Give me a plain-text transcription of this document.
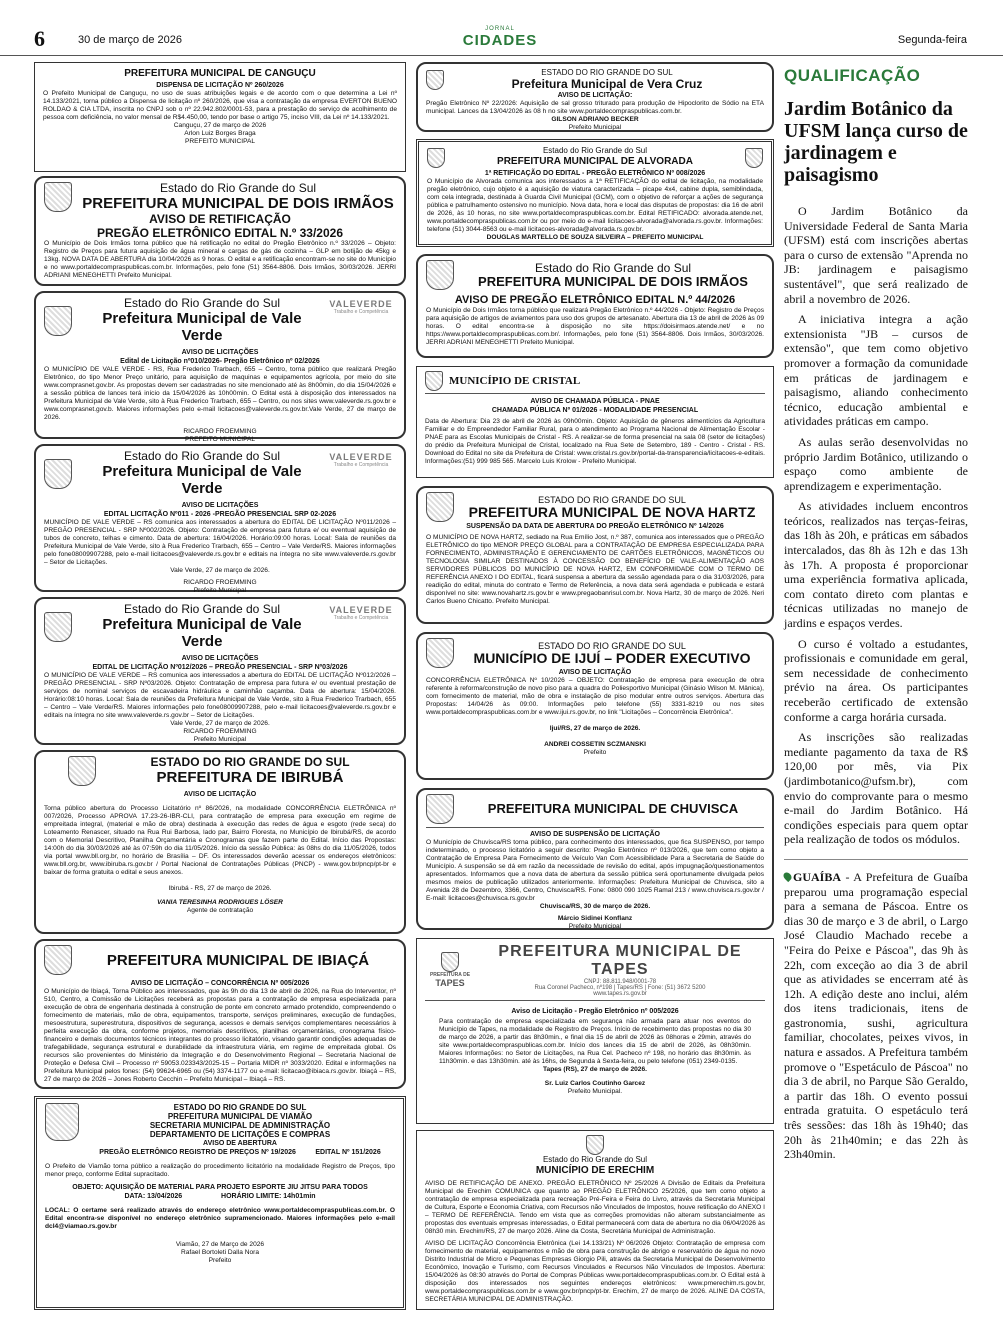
6	30 de março de 2026
JORNAL
CIDADES	Segunda-feira
PREFEITURA MUNICIPAL DE CANGUÇU
DISPENSA DE LICITAÇÃO Nº 260/2026
O Prefeito Municipal de Canguçu, no uso de suas atribuições legais e de acordo com o que determina a Lei nº 14.133/2021, torna público a Dispensa de licitação nº 260/2026, que visa a contratação da empresa EVERTON BUENO ROLDAO & CIA LTDA, inscrita no CNPJ sob o nº 22.942.802/0001-53, para a prestação do serviço de acolhimento de pessoa com deficiência, no valor mensal de R$4.450,00, tendo por base o artigo 75, inciso VIII, da Lei nº 14.133/2021.
Canguçu, 27 de março de 2026
Arlon Luiz Borges Braga
PREFEITO MUNICIPAL
Estado do Rio Grande do Sul
PREFEITURA MUNICIPAL DE DOIS IRMÃOS
AVISO DE RETIFICAÇÃO
PREGÃO ELETRÔNICO EDITAL N.º 33/2026
O Município de Dois Irmãos torna público que há retificação no edital do Pregão Eletrônico n.º 33/2026 – Objeto: Registro de Preços para futura aquisição de água mineral e cargas de gás de cozinha – GLP em botijão de 45kg e 13kg. NOVA DATA DE ABERTURA dia 10/04/2026 as 9 horas. O edital e a retificação encontram-se no site do Município e no www.portaldecompraspublicas.com.br. Informações, pelo fone (51) 3564-8806. Dois Irmãos, 30/03/2026. JERRI ADRIANI MENEGHETTI Prefeito Municipal.
VALEVERDE
Trabalho e Competência
Estado do Rio Grande do Sul
Prefeitura Municipal de Vale Verde
AVISO DE LICITAÇÕES
Edital de Licitação nº010/2026- Pregão Eletrônico nº 02/2026
O MUNICÍPIO DE VALE VERDE - RS, Rua Frederico Trarbach, 655 – Centro, torna público que realizará Pregão Eletrônico, do tipo Menor Preço unitário, para aquisição de maquinas e equipamentos agrícola, por meio do site www.comprasnet.gov.br. As propostas devem ser cadastradas no site mencionado até às 8h00min, do dia 15/04/2026 e a sessão pública de lances terá início da 15/04/2026 às 10h00min. O Edital está à disposição dos interessados na Prefeitura Municipal de Vale Verde, sito à Rua Frederico Trarbach, 655 – Centro, ou nos sites www.valeverde.rs.gov.br e www.comprasnet.gov.b. Maiores informações pelo e-mail licitacoes@valeverde.rs.gov.br.Vale Verde, 27 de março de 2026.
RICARDO FROEMMING
PREFEITO MUNICIPAL
VALEVERDE
Trabalho e Competência
Estado do Rio Grande do Sul
Prefeitura Municipal de Vale Verde
AVISO DE LICITAÇÕES
EDITAL LICITAÇÃO Nº011 - 2026 -PREGÃO PRESENCIAL SRP 02-2026
MUNICÍPIO DE VALE VERDE – RS comunica aos interessados a abertura do EDITAL DE LICITAÇÃO Nº011/2026 – PREGÃO PRESENCIAL - SRP Nº002/2026. Objeto: Contratação de empresa para futura e/ ou eventual aquisição de tubos de concreto, telhas e cimento. Data de abertura: 16/04/2026. Horário:09:00 horas. Local: Sala de reuniões da Prefeitura Municipal de Vale Verde, sito à Rua Frederico Trarbach, 655 – Centro – Vale Verde/RS. Maiores informações pelo fone08009907288, pelo e-mail licitacoes@valeverde.rs.gov.br e editais na íntegra no site www.valeverde.rs.gov.br – Setor de Licitações.
Vale Verde, 27 de março de 2026.
RICARDO FROEMMING
Prefeito Municipal
VALEVERDE
Trabalho e Competência
Estado do Rio Grande do Sul
Prefeitura Municipal de Vale Verde
AVISO DE LICITAÇÕES
EDITAL DE LICITAÇÃO Nº012/2026 – PREGÃO PRESENCIAL - SRP Nº03/2026
O MUNICÍPIO DE VALE VERDE – RS comunica aos interessados a abertura do EDITAL DE LICITAÇÃO Nº012/2026 – PREGÃO PRESENCIAL - SRP Nº03/2026. Objeto: Contratação de empresa para futura e/ ou eventual prestação de serviços de nominal serviços de escavadeira hidráulica e caminhão caçamba. Data de abertura: 15/04/2026. Horário:08:10 horas. Local: Sala de reuniões da Prefeitura Municipal de Vale Verde, sito à Rua Frederico Trarbach, 655 – Centro – Vale Verde/RS. Maiores informações pelo fone08009907288, pelo e-mail licitacoes@valeverde.rs.gov.br e editais na íntegra no site www.valeverde.rs.gov.br – Setor de Licitações.
Vale Verde, 27 de março de 2026.
RICARDO FROEMMING
Prefeito Municipal
ESTADO DO RIO GRANDE DO SUL
PREFEITURA DE IBIRUBÁ
AVISO DE LICITAÇÃO
Torna público abertura do Processo Licitatório nº 86/2026, na modalidade CONCORRÊNCIA ELETRÔNICA nº 007/2026, Processo APROVA 17.23-26-IBR-CLI, para contratação de empresa para execução em regime de empreitada integral, (material e mão de obra) destinada à execução das redes de água e esgoto (rede seca) do Loteamento Renascer, situado na Rua Rui Barbosa, lado par, Bairro Floresta, no Município de Ibirubá/RS, de acordo com o Memorial Descritivo, Planilha Orçamentária e Cronogramas que fazem parte do Edital. Início das Propostas: 14:00h do dia 30/03/2026 até às 07:59h do dia 11/05/2026. Início da sessão Pública: às 08hs do dia 11/05/2026, todos via portal www.bll.org.br, no horário de Brasília – DF. Os interessados deverão acessar os endereços eletrônicos: www.bll.org.br, www.ibiruba.rs.gov.br / Portal Nacional de Contratações Públicas (PNCP) - www.gov.br/pncp/pt-br e baixar de forma gratuita o edital e seus anexos.
Ibirubá - RS, 27 de março de 2026.
VANIA TERESINHA RODRIGUES LÖSER
Agente de contratação
PREFEITURA MUNICIPAL DE IBIAÇÁ
AVISO DE LICITAÇÃO – CONCORRÊNCIA Nº 005/2026
O Município de Ibiaçá, Torna Público aos interessados, que às 9h do dia 13 de abril de 2026, na Rua do Interventor, nº 510, Centro, a Comissão de Licitações receberá as propostas para a contratação de empresa especializada para execução de obra de engenharia destinada à construção de ponte em concreto armado protendido, compreendendo o fornecimento de materiais, mão de obra, equipamentos, transporte, serviços preliminares, execução de fundações, mesoestrutura, superestrutura, dispositivos de segurança, acessos e demais serviços complementares necessários à perfeita execução da obra, conforme projetos, memoriais descritivos, planilhas orçamentárias, cronograma físico-financeiro e demais documentos técnicos integrantes do processo licitatório, visando garantir condições adequadas de trafegabilidade, segurança estrutural e durabilidade da infraestrutura viária, em regime de empreitada global. Os recursos são provenientes do Ministério da Integração e do Desenvolvimento Regional – Secretaria Nacional de Proteção e Defesa Civil – Processo nº 59053.023343/2025-15 – Portaria MIDR nº 3033/2020. Edital e informações na Prefeitura Municipal pelos fones: (54) 99624-6965 ou (54) 3374-1177 ou e-mail: licitacao@ibiaca.rs.gov.br. Ibiaçá – RS, 27 de março de 2026 – Jones Roberto Cecchin – Prefeito Municipal – Ibiaçá – RS.
ESTADO DO RIO GRANDE DO SUL
PREFEITURA MUNICIPAL DE VIAMÃO
SECRETARIA MUNICIPAL DE ADMINISTRAÇÃO
DEPARTAMENTO DE LICITAÇÕES E COMPRAS
AVISO DE ABERTURA
PREGÃO ELETRÔNICO REGISTRO DE PREÇOS Nº 19/2026          EDITAL Nº 151/2026
O Prefeito de Viamão torna público a realização do procedimento licitatório na modalidade Registro de Preços, tipo menor preço, conforme Edital supracitado.
OBJETO: AQUISIÇÃO DE MATERIAL PARA PROJETO ESPORTE JIU JITSU PARA TODOS
DATA: 13/04/2026                    HORÁRIO LIMITE: 14h01min
LOCAL: O certame será realizado através do endereço eletrônico www.portaldecompraspublicas.com.br. O Edital encontra-se disponível no endereço eletrônico supramencionado. Maiores informações pelo e-mail dcl4@viamao.rs.gov.br
Viamão, 27 de Março de 2026
Rafael Bortoleti Dalla Nora
Prefeito
ESTADO DO RIO GRANDE DO SUL
Prefeitura Municipal de Vera Cruz
AVISO DE LICITAÇÃO:
Pregão Eletrônico Nº 22/2026: Aquisição de sal grosso triturado para produção de Hipoclorito de Sódio na ETA municipal. Lances da 13/04/2026 às 08 h no site www.portaldecompraspublicas.com.br.
GILSON ADRIANO BECKER
Prefeito Municipal
Estado do Rio Grande do Sul
PREFEITURA MUNICIPAL DE ALVORADA
1ª RETIFICAÇÃO DO EDITAL - PREGÃO ELETRÔNICO Nº 008/2026
O Município de Alvorada comunica aos interessados a 1ª RETIFICAÇÃO do edital de licitação, na modalidade pregão eletrônico, cujo objeto é a aquisição de viatura caracterizada – picape 4x4, cabine dupla, semiblindada, com cela integrada, destinada à Guarda Civil Municipal (GCM), com o objetivo de reforçar a ações de segurança pública e patrulhamento ostensivo no município. Nova data, hora e local das disputas de propostas: dia 16 de abril de 2026, às 10 horas, no site www.portaldecompraspublicas.com.br. Edital RETIFICADO: alvorada.atende.net, www.portaldecompraspublicas.com.br ou por meio do e-mail licitacoes-alvorada@alvorada.rs.gov.br. Informações: telefone (51) 3044-8563 ou e-mail licitacoes-alvorada@alvorada.rs.gov.br.
DOUGLAS MARTELLO DE SOUZA SILVEIRA – PREFEITO MUNICIPAL
Estado do Rio Grande do Sul
PREFEITURA MUNICIPAL DE DOIS IRMÃOS
AVISO DE PREGÃO ELETRÔNICO EDITAL N.º 44/2026
O Município de Dois Irmãos torna público que realizará Pregão Eletrônico n.º 44/2026 - Objeto: Registro de Preços para aquisição de artigos de aviamentos para uso dos grupos de artesanato. Abertura dia 13 de abril de 2026 às 09 horas. O edital encontra-se à disposição no site https://doisirmaos.atende.net/ e no https://www.portaldecompraspublicas.com.br/. Informações, pelo fone (51) 3564-8806. Dois Irmãos, 30/03/2026. JERRI ADRIANI MENEGHETTI Prefeito Municipal.
MUNICÍPIO DE CRISTAL
AVISO DE CHAMADA PÚBLICA - PNAE
CHAMADA PÚBLICA Nº 01/2026 - MODALIDADE PRESENCIAL
Data de Abertura: Dia 23 de abril de 2026 às 09h00min. Objeto: Aquisição de gêneros alimentícios da Agricultura Familiar e do Empreendedor Familiar Rural, para o atendimento ao Programa Nacional de Alimentação Escolar - PNAE para as Escolas Municipais de Cristal - RS. A realizar-se de forma presencial na sala 08 (setor de licitações) do prédio da Prefeitura Municipal de Cristal, localizado na Rua Sete de Setembro, 189 - Centro - Cristal - RS. Download do Edital no site da Prefeitura de Cristal: www.cristal.rs.gov.br/portal-da-transparencia/licitacoes-e-editais. Informações:(51) 999 985 565. Marcelo Luis Krolow - Prefeito Municipal.
ESTADO DO RIO GRANDE DO SUL
PREFEITURA MUNICIPAL DE NOVA HARTZ
SUSPENSÃO DA DATA DE ABERTURA DO PREGÃO ELETRÔNICO Nº 14/2026
O MUNICÍPIO DE NOVA HARTZ, sediado na Rua Emílio Jost, n.º 387, comunica aos interessados que o PREGÃO ELETRÔNICO do tipo MENOR PREÇO GLOBAL para a CONTRATAÇÃO DE EMPRESA ESPECIALIZADA PARA FORNECIMENTO, ADMINISTRAÇÃO E GERENCIAMENTO DE CARTÕES ELETRÔNICOS, MAGNÉTICOS OU TECNOLOGIA SIMILAR DESTINADOS À CONCESSÃO DO BENEFÍCIO DE VALE-ALIMENTAÇÃO AOS SERVIDORES PÚBLICOS DO MUNICÍPIO DE NOVA HARTZ, EM CONFORMIDADE COM O TERMO DE REFERÊNCIA ANEXO I DO EDITAL, ficará suspensa a abertura da sessão agendada para o dia 31/03/2026, para readição do edital, minuta do contrato e Termo de Referência, a nova data será agendada e publicada e estará disponível no site: www.novahartz.rs.gov.br e www.pregaobanrisul.com.br. Nova Hartz, 30 de março de 2026. Neri Carlos Bueno Chicatto. Prefeito Municipal.
ESTADO DO RIO GRANDE DO SUL
MUNICÍPIO DE IJUÍ – PODER EXECUTIVO
AVISO DE LICITAÇÃO
CONCORRÊNCIA ELETRÔNICA Nº 10/2026 – OBJETO: Contratação de empresa para execução de obra referente à reforma/construção de novo piso para a quadra do Poliesportivo Municipal (Ginásio Wilson M. Mânica), com fornecimento de material, mão de obra e instalação de piso modular entre outros serviços. Abertura das Propostas: 14/04/26 às 09:00. Informações pelo telefone (55) 3331-8219 ou nos sites www.portaldecompraspublicas.com.br e www.ijui.rs.gov.br, no link "Licitações – Concorrência Eletrônica".
Ijuí/RS, 27 de março de 2026.
ANDREI COSSETIN SCZMANSKI
Prefeito
PREFEITURA MUNICIPAL DE CHUVISCA
AVISO DE SUSPENSÃO DE LICITAÇÃO
O Município de Chuvisca/RS torna público, para conhecimento dos interessados, que fica SUSPENSO, por tempo indeterminado, o processo licitatório a seguir descrito: Pregão Eletrônico nº 013/2026, que tem como objeto a Contratação de Empresa Para Fornecimento de Veículo Van Com Acessibilidade Para a Secretaria de Saúde do Município. A suspensão se dá em razão da necessidade de revisão do edital, após impugnação/questionamentos apresentados. Informamos que a nova data de abertura da sessão pública será oportunamente divulgada pelos mesmos meios de publicação utilizados anteriormente. Informações: Prefeitura Municipal de Chuvisca, sito a Avenida 28 de Dezembro, 3366, Centro, Chuvisca/RS. Fone: 0800 090 1025 Ramal 213 / www.chuvisca.rs.gov.br / E-mail: licitacoes@chuvisca.rs.gov.br
Chuvisca/RS, 30 de março de 2026.
Márcio Sidinei Konflanz
Prefeito Municipal
PREFEITURA DE
TAPES
PREFEITURA MUNICIPAL DE TAPES
CNPJ: 88.811.948/0001-78
Rua Coronel Pacheco, nº198 | Tapes/RS | Fone: (51) 3672 5200
www.tapes.rs.gov.br
Aviso de Licitação - Pregão Eletrônico nº 005/2026
Para contratação de empresa especializada em segurança não armada para atuar nos eventos do Município de Tapes, na modalidade de Registro de Preços. Início de recebimento das propostas no dia 30 de março de 2026, a partir das 8h30min., e final dia 15 de abril de 2026 às 08horas e 29min, através do site www.portaldecompraspublicas.com.br. Início dos lances dia 15 de abril de 2026, às 08h30min. Maiores Informações: no Setor de Licitações, na Rua Cel. Pacheco nº 198, no horário das 8h30min. às 11h30min. e das 13h30min. até às 16hs, de Segunda à Sexta-feira, ou pelo telefone (051) 2349-0135.
Tapes (RS), 27 de março de 2026.
Sr. Luiz Carlos Coutinho Garcez
Prefeito Municipal.
Estado do Rio Grande do Sul
MUNICÍPIO DE ERECHIM
AVISO DE RETIFICAÇÃO DE ANEXO. PREGÃO ELETRÔNICO Nº 25/2026 A Divisão de Editais da Prefeitura Municipal de Erechim COMUNICA que quanto ao PREGÃO ELETRÔNICO 25/2026, que tem como objeto a contratação de empresa especializada para recreação Pré-Feira e Feira do Livro, através da Secretaria Municipal de Cultura, Esporte e Economia Criativa, com Recursos não Vinculados de Impostos, houve retificação do ANEXO I – TERMO DE REFERÊNCIA. Tendo em vista que as correções promovidas não alteram substancialmente as propostas dos eventuais empresas interessadas, o Edital permanecerá com data de abertura no dia 06/04/2026 às 08h30 min. Erechim/RS, 27 de março 2026. Aline da Costa, Secretária Municipal de Administração.
AVISO DE LICITAÇÃO Concorrência Eletrônica (Lei 14.133/21) Nº 06/2026 Objeto: Contratação de empresa com fornecimento de material, equipamentos e mão de obra para construção de abrigo e reservatório de água no novo Distrito Industrial de Micro e Pequenas Empresas Giorgio Pili, através da Secretaria Municipal de Desenvolvimento Econômico, Inovação e Turismo, com Recursos Vinculados e Recursos Não Vinculados de Impostos. Abertura: 15/04/2026 às 08:30 através do Portal de Compras Públicas www.portaldecompraspublicas.com.br. O Edital está à disposição dos interessados nos seguintes endereços eletrônicos: www.pmerechim.rs.gov.br, www.portaldecompraspublicas.com.br e www.gov.br/pncp/pt-br. Erechim, 27 de março de 2026. ALINE DA COSTA, SECRETÁRIA MUNICIPAL DE ADMINISTRAÇÃO.
QUALIFICAÇÃO
Jardim Botânico da UFSM lança curso de jardinagem e paisagismo

O Jardim Botânico da Universidade Federal de Santa Maria (UFSM) está com inscrições abertas para o curso de extensão "Aprenda no JB: jardinagem e paisagismo sustentável", que será realizado de abril a novembro de 2026.

A iniciativa integra a ação extensionista "JB – cursos de extensão", que tem como objetivo promover a formação da comunidade em práticas de jardinagem e paisagismo, aliando conhecimento técnico, educação ambiental e atividades práticas em campo.

As aulas serão desenvolvidas no próprio Jardim Botânico, utilizando o espaço como ambiente de aprendizagem e experimentação.

As atividades incluem encontros teóricos, realizados nas terças-feiras, das 18h às 20h, e práticas em sábados intercalados, das 8h às 12h e das 13h às 17h. A proposta é proporcionar uma experiência formativa aplicada, com contato direto com plantas e técnicas utilizadas no manejo de jardins e espaços verdes.

O curso é voltado a estudantes, profissionais e comunidade em geral, sem necessidade de conhecimento prévio na área. Os participantes receberão certificado de extensão conforme a carga horária cursada.

As inscrições são realizadas mediante pagamento da taxa de R$ 120,00 por mês, via Pix (jardimbotanico@ufsm.br), com envio do comprovante para o mesmo e-mail do Jardim Botânico. Há condições especiais para quem optar pela realização de todos os módulos.

GUAÍBA - A Prefeitura de Guaíba preparou uma programação especial para a semana de Páscoa. Entre os dias 30 de março e 3 de abril, o Largo José Claudio Machado recebe a "Feira do Peixe e Páscoa", das 9h às 22h, com exceção ao dia 3 de abril que as atividades se encerram até às 12h. A edição deste ano inclui, além dos itens tradicionais, itens de gastronomia, sushi, agricultura familiar, chocolates, peixes vivos, in natura e assados. A Prefeitura também promove o "Espetáculo de Páscoa" no dia 3 de abril, no Parque São Geraldo, a partir das 18h. O evento possui entrada gratuita. O espetáculo terá três sessões: das 18h às 19h40; das 20h às 21h40min; e das 22h às 23h40min.
